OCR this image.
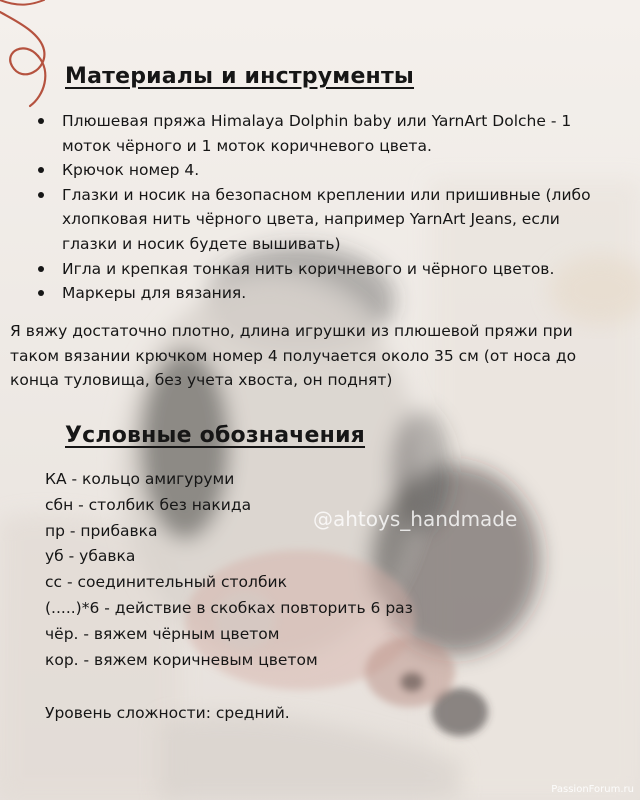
Материалы и инструменты
Плюшевая пряжа Himalaya Dolphin baby или YarnArt Dolche - 1 моток чёрного и 1 моток коричневого цвета.
Крючок номер 4.
Глазки и носик на безопасном креплении или пришивные (либо хлопковая нить чёрного цвета, например YarnArt Jeans, если глазки и носик будете вышивать)
Игла и крепкая тонкая нить коричневого и чёрного цветов.
Маркеры для вязания.
Я вяжу достаточно плотно, длина игрушки из плюшевой пряжи при таком вязании крючком номер 4 получается около 35 см (от носа до конца туловища, без учета хвоста, он поднят)
Условные обозначения
КА - кольцо амигуруми
сбн - столбик без накида
пр - прибавка
уб - убавка
сс - соединительный столбик
(.....)*6 - действие в скобках повторить 6 раз
чёр. - вяжем чёрным цветом
кор. - вяжем коричневым цветом
Уровень сложности: средний.
@ahtoys_handmade
PassionForum.ru
